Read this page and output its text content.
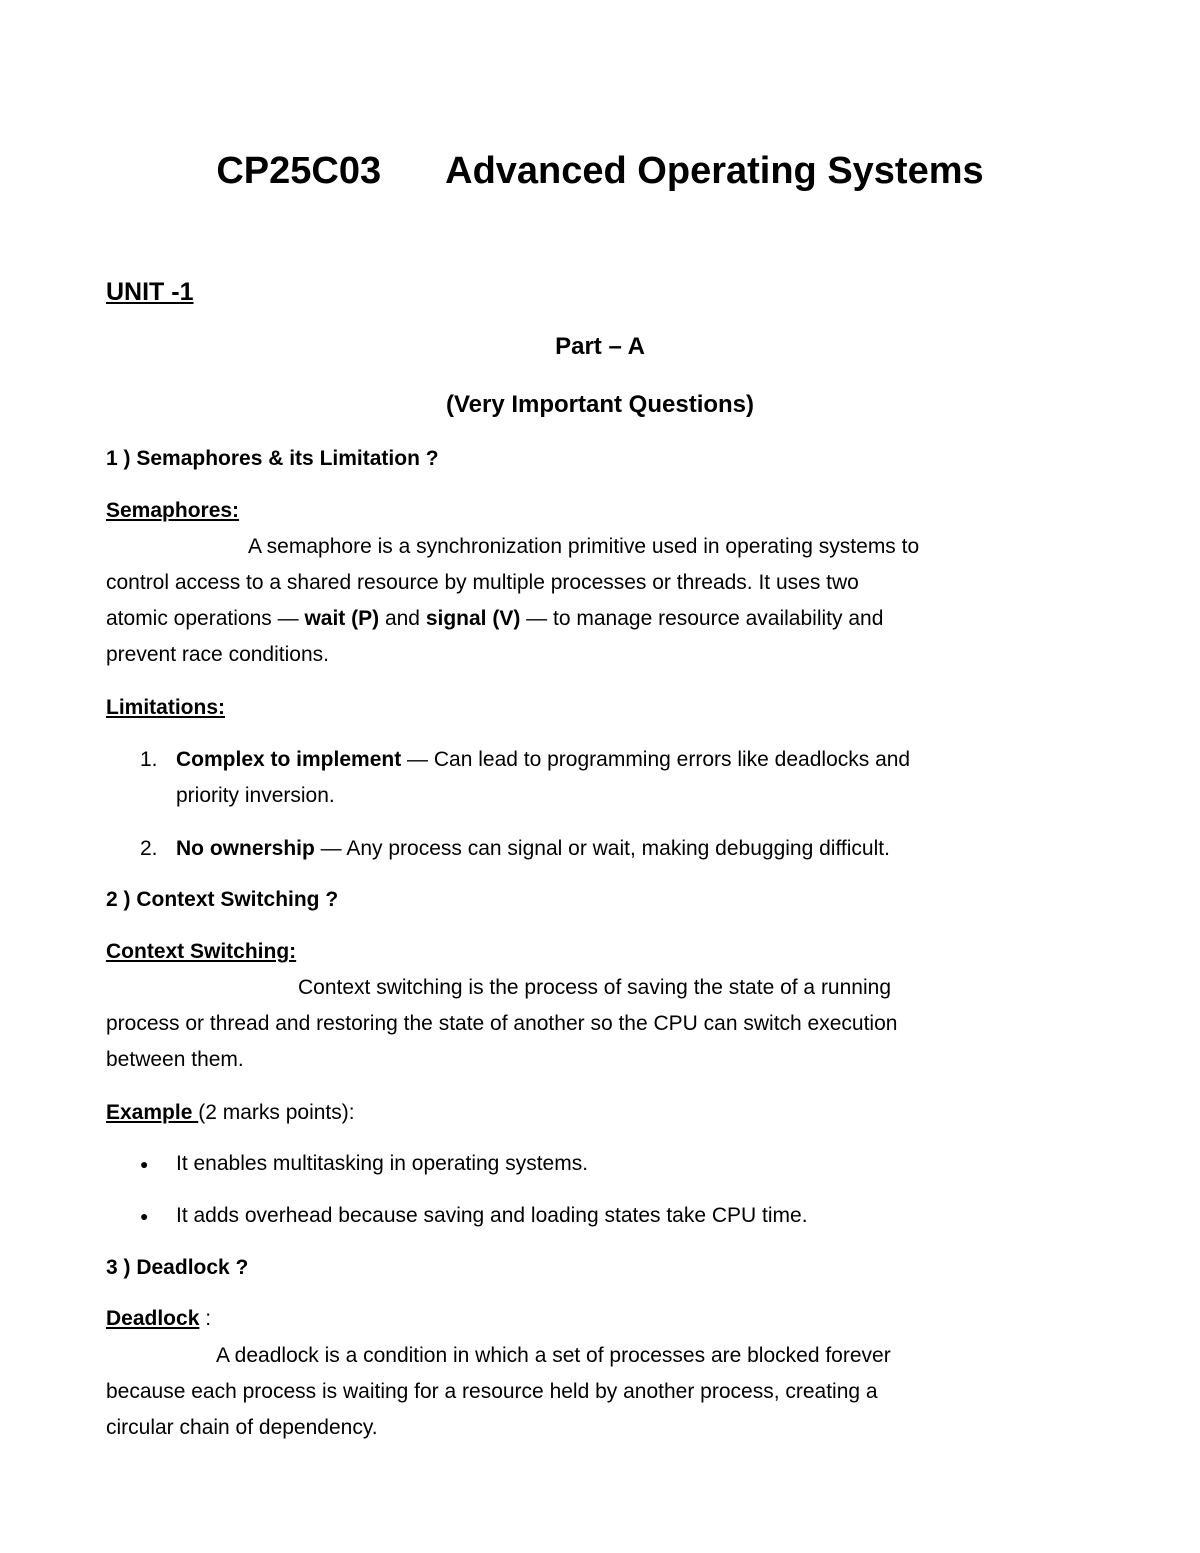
CP25C03 Advanced Operating Systems
UNIT -1
Part – A
(Very Important Questions)
1 ) Semaphores & its Limitation ?
Semaphores:
A semaphore is a synchronization primitive used in operating systems to
control access to a shared resource by multiple processes or threads. It uses two
atomic operations — wait (P) and signal (V) — to manage resource availability and
prevent race conditions.
Limitations:
1. Complex to implement — Can lead to programming errors like deadlocks and
priority inversion.
2. No ownership — Any process can signal or wait, making debugging difficult.
2 ) Context Switching ?
Context Switching:
Context switching is the process of saving the state of a running
process or thread and restoring the state of another so the CPU can switch execution
between them.
Example (2 marks points):
● It enables multitasking in operating systems.
● It adds overhead because saving and loading states take CPU time.
3 ) Deadlock ?
Deadlock :
A deadlock is a condition in which a set of processes are blocked forever
because each process is waiting for a resource held by another process, creating a
circular chain of dependency.
